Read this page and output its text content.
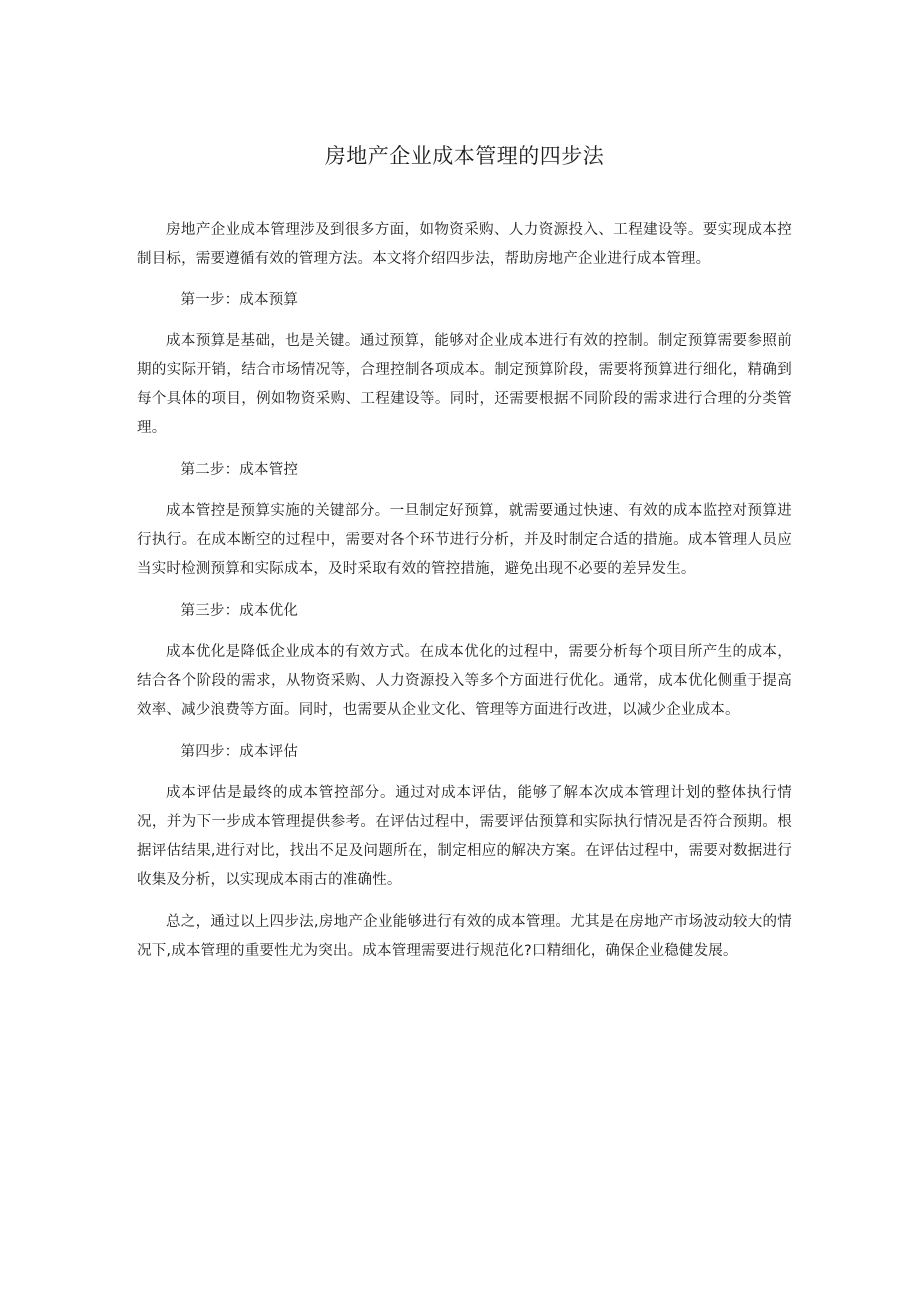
房地产企业成本管理的四步法

房地产企业成本管理涉及到很多方面，如物资采购、人力资源投入、工程建设等。要实现成本控制目标，需要遵循有效的管理方法。本文将介绍四步法，帮助房地产企业进行成本管理。

第一步：成本预算

成本预算是基础，也是关键。通过预算，能够对企业成本进行有效的控制。制定预算需要参照前期的实际开销，结合市场情况等，合理控制各项成本。制定预算阶段，需要将预算进行细化，精确到每个具体的项目，例如物资采购、工程建设等。同时，还需要根据不同阶段的需求进行合理的分类管理。

第二步：成本管控

成本管控是预算实施的关键部分。一旦制定好预算，就需要通过快速、有效的成本监控对预算进行执行。在成本断空的过程中，需要对各个环节进行分析，并及时制定合适的措施。成本管理人员应当实时检测预算和实际成本，及时采取有效的管控措施，避免出现不必要的差异发生。

第三步：成本优化

成本优化是降低企业成本的有效方式。在成本优化的过程中，需要分析每个项目所产生的成本，结合各个阶段的需求，从物资采购、人力资源投入等多个方面进行优化。通常，成本优化侧重于提高效率、减少浪费等方面。同时，也需要从企业文化、管理等方面进行改进，以减少企业成本。

第四步：成本评估

成本评估是最终的成本管控部分。通过对成本评估，能够了解本次成本管理计划的整体执行情况，并为下一步成本管理提供参考。在评估过程中，需要评估预算和实际执行情况是否符合预期。根据评估结果,进行对比，找出不足及问题所在，制定相应的解决方案。在评估过程中，需要对数据进行收集及分析，以实现成本雨古的准确性。

总之，通过以上四步法,房地产企业能够进行有效的成本管理。尤其是在房地产市场波动较大的情况下,成本管理的重要性尤为突出。成本管理需要进行规范化?口精细化，确保企业稳健发展。
